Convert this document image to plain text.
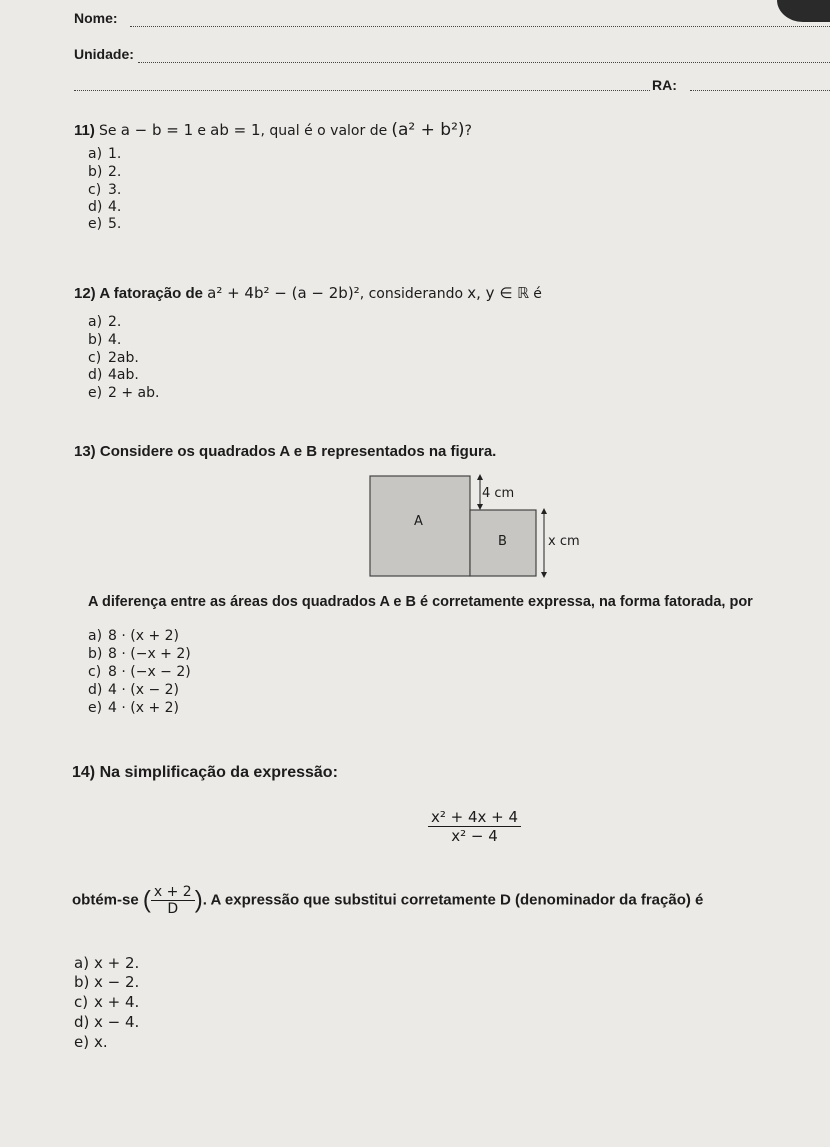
Nome:
Unidade:
RA:
11) Se a − b = 1 e ab = 1, qual é o valor de (a² + b²)?
a) 1.
b) 2.
c) 3.
d) 4.
e) 5.
12) A fatoração de a² + 4b² − (a − 2b)², considerando x, y ∈ ℝ é
a) 2.
b) 4.
c) 2ab.
d) 4ab.
e) 2 + ab.
13) Considere os quadrados A e B representados na figura.
A
B
4 cm
x cm
A diferença entre as áreas dos quadrados A e B é corretamente expressa, na forma fatorada, por
a) 8 · (x + 2)
b) 8 · (−x + 2)
c) 8 · (−x − 2)
d) 4 · (x − 2)
e) 4 · (x + 2)
14) Na simplificação da expressão:
$\frac{\text{x² + 4x + 4}}{\text{x² − 4}}$
obtém-se ( $\frac{x + 2}{D}$ ). A expressão que substitui corretamente D (denominador da fração) é
a) x + 2.
b) x − 2.
c) x + 4.
d) x − 4.
e) x.
